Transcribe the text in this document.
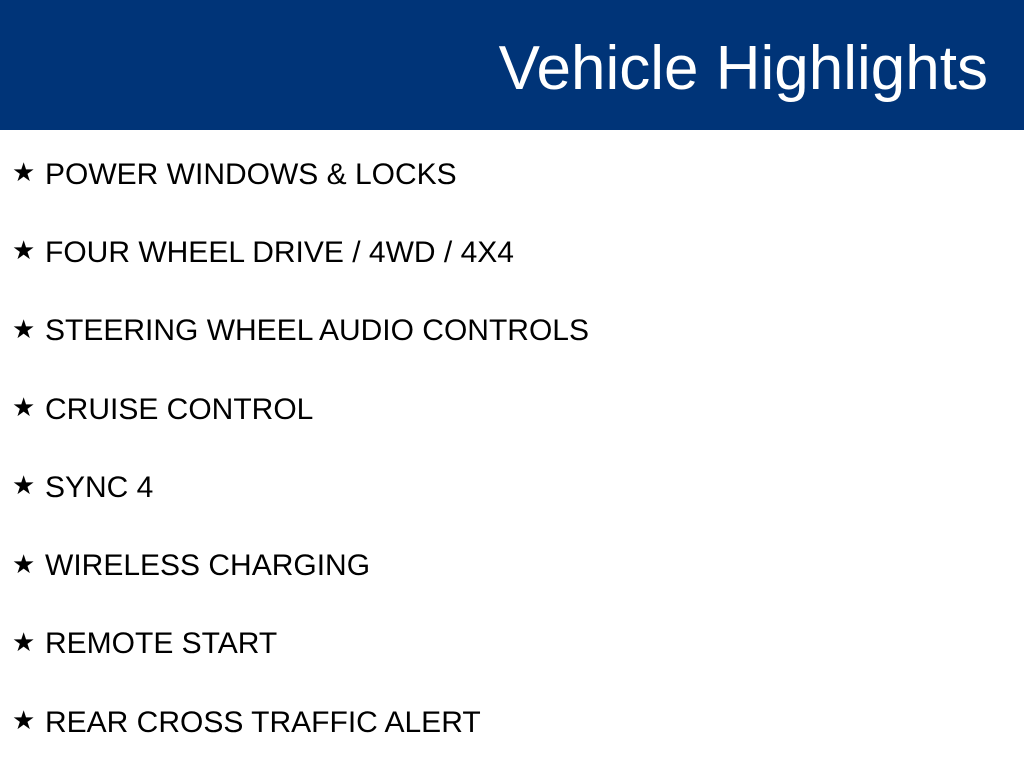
Vehicle Highlights
★ POWER WINDOWS & LOCKS
★ FOUR WHEEL DRIVE / 4WD / 4X4
★ STEERING WHEEL AUDIO CONTROLS
★ CRUISE CONTROL
★ SYNC 4
★ WIRELESS CHARGING
★ REMOTE START
★ REAR CROSS TRAFFIC ALERT
